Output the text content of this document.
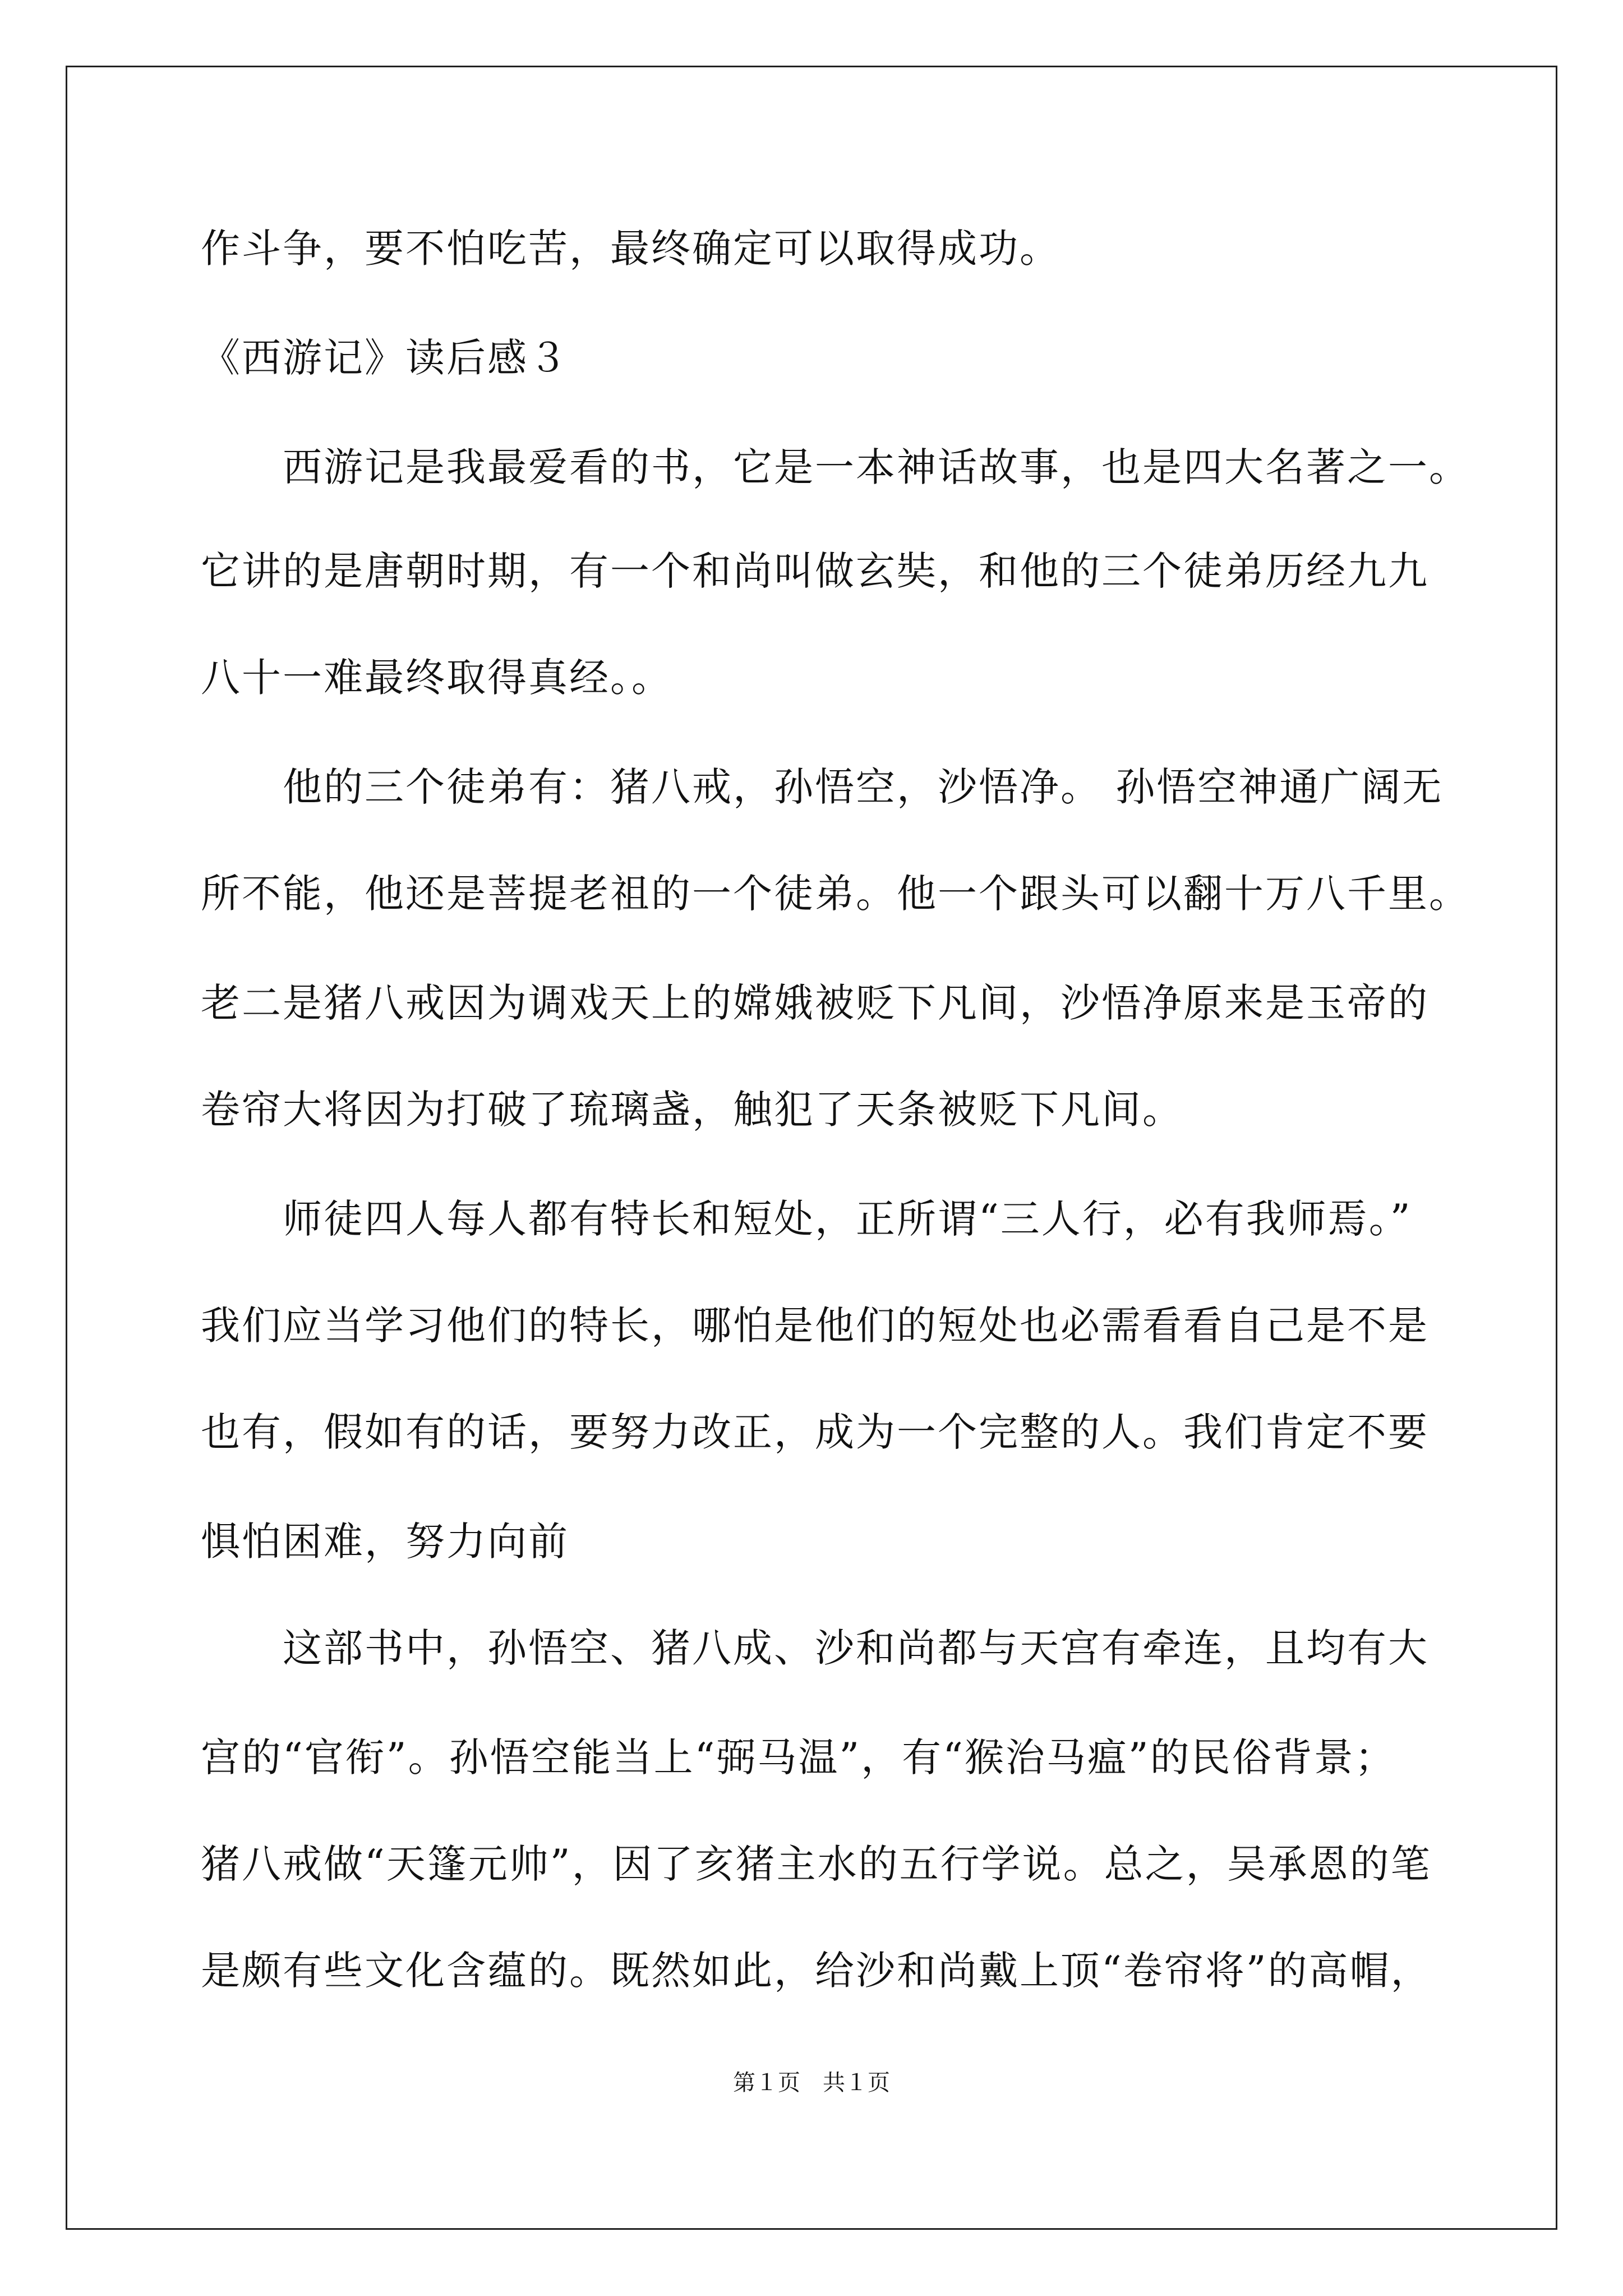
作斗争，要不怕吃苦，最终确定可以取得成功。
《西游记》读后感３
　　西游记是我最爱看的书，它是一本神话故事，也是四大名著之一。
它讲的是唐朝时期，有一个和尚叫做玄奘，和他的三个徒弟历经九九
八十一难最终取得真经。。
　　他的三个徒弟有：猪八戒，孙悟空，沙悟净。 孙悟空神通广阔无
所不能，他还是菩提老祖的一个徒弟。他一个跟头可以翻十万八千里。
老二是猪八戒因为调戏天上的嫦娥被贬下凡间，沙悟净原来是玉帝的
卷帘大将因为打破了琉璃盏，触犯了天条被贬下凡间。
　　师徒四人每人都有特长和短处，正所谓“三人行，必有我师焉。”
我们应当学习他们的特长，哪怕是他们的短处也必需看看自己是不是
也有，假如有的话，要努力改正，成为一个完整的人。我们肯定不要
惧怕困难，努力向前
　　这部书中，孙悟空、猪八成、沙和尚都与天宫有牵连，且均有大
宫的“官衔”。孙悟空能当上“弼马温”，有“猴治马瘟”的民俗背景；
猪八戒做“天篷元帅”，因了亥猪主水的五行学说。总之，吴承恩的笔
是颇有些文化含蕴的。既然如此，给沙和尚戴上顶“卷帘将”的高帽，
第１页　共１页
